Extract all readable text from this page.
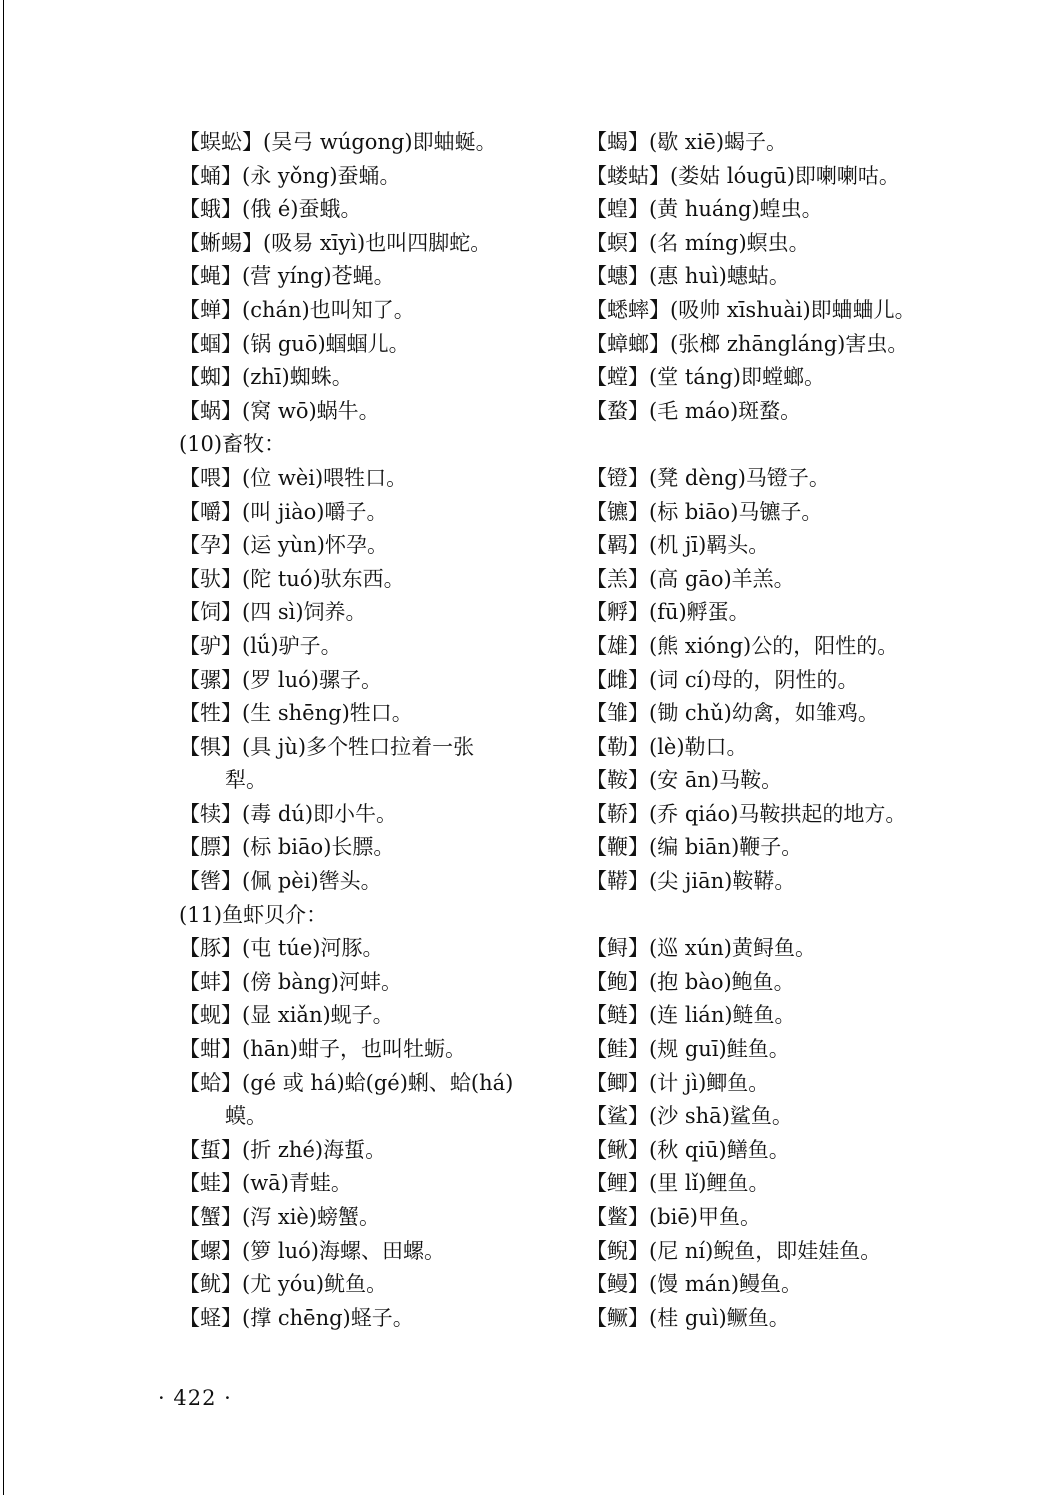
【蜈蚣】(吴弓 wúgong)即蚰蜒。
【蛹】(永 yǒng)蚕蛹。
【蛾】(俄 é)蚕蛾。
【蜥蜴】(吸易 xīyì)也叫四脚蛇。
【蝇】(营 yíng)苍蝇。
【蝉】(chán)也叫知了。
【蝈】(锅 guō)蝈蝈儿。
【蜘】(zhī)蜘蛛。
【蜗】(窝 wō)蜗牛。
(10)畜牧：
【喂】(位 wèi)喂牲口。
【嚼】(叫 jiào)嚼子。
【孕】(运 yùn)怀孕。
【驮】(陀 tuó)驮东西。
【饲】(四 sì)饲养。
【驴】(lǘ)驴子。
【骡】(罗 luó)骡子。
【牲】(生 shēng)牲口。
【犋】(具 jù)多个牲口拉着一张
犁。
【犊】(毒 dú)即小牛。
【膘】(标 biāo)长膘。
【辔】(佩 pèi)辔头。
(11)鱼虾贝介：
【豚】(屯 túe)河豚。
【蚌】(傍 bàng)河蚌。
【蚬】(显 xiǎn)蚬子。
【蚶】(hān)蚶子，也叫牡蛎。
【蛤】(gé 或 há)蛤(gé)蜊、蛤(há)
蟆。
【蜇】(折 zhé)海蜇。
【蛙】(wā)青蛙。
【蟹】(泻 xiè)螃蟹。
【螺】(箩 luó)海螺、田螺。
【鱿】(尤 yóu)鱿鱼。
【蛏】(撑 chēng)蛏子。
【蝎】(歇 xiē)蝎子。
【蝼蛄】(娄姑 lóugū)即喇喇咕。
【蝗】(黄 huáng)蝗虫。
【螟】(名 míng)螟虫。
【蟪】(惠 huì)蟪蛄。
【蟋蟀】(吸帅 xīshuài)即蛐蛐儿。
【蟑螂】(张榔 zhāngláng)害虫。
【螳】(堂 táng)即螳螂。
【蝥】(毛 máo)斑蝥。
【镫】(凳 dèng)马镫子。
【镳】(标 biāo)马镳子。
【羁】(机 jī)羁头。
【羔】(高 gāo)羊羔。
【孵】(fū)孵蛋。
【雄】(熊 xióng)公的，阳性的。
【雌】(词 cí)母的，阴性的。
【雏】(锄 chǔ)幼禽，如雏鸡。
【勒】(lè)勒口。
【鞍】(安 ān)马鞍。
【鞒】(乔 qiáo)马鞍拱起的地方。
【鞭】(编 biān)鞭子。
【鞯】(尖 jiān)鞍鞯。
【鲟】(巡 xún)黄鲟鱼。
【鲍】(抱 bào)鲍鱼。
【鲢】(连 lián)鲢鱼。
【鲑】(规 guī)鲑鱼。
【鲫】(计 jì)鲫鱼。
【鲨】(沙 shā)鲨鱼。
【鳅】(秋 qiū)鳝鱼。
【鲤】(里 lǐ)鲤鱼。
【鳖】(biē)甲鱼。
【鲵】(尼 ní)鲵鱼，即娃娃鱼。
【鳗】(馒 mán)鳗鱼。
【鳜】(桂 guì)鳜鱼。
· 422 ·
